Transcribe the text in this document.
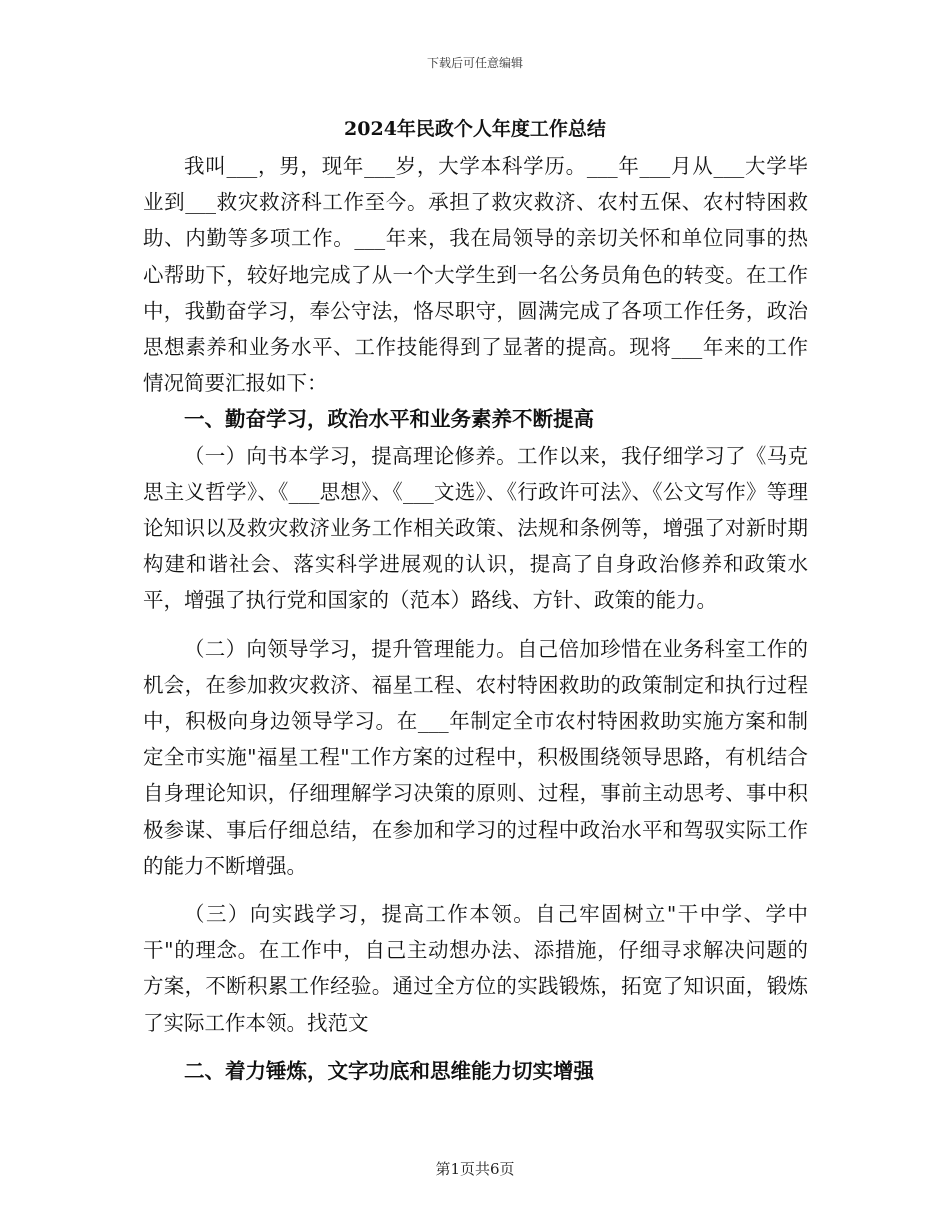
下载后可任意编辑
2024年民政个人年度工作总结

我叫___，男，现年___岁，大学本科学历。___年___月从___大学毕业到___救灾救济科工作至今。承担了救灾救济、农村五保、农村特困救助、内勤等多项工作。___年来，我在局领导的亲切关怀和单位同事的热心帮助下，较好地完成了从一个大学生到一名公务员角色的转变。在工作中，我勤奋学习，奉公守法，恪尽职守，圆满完成了各项工作任务，政治思想素养和业务水平、工作技能得到了显著的提高。现将___年来的工作情况简要汇报如下：

一、勤奋学习，政治水平和业务素养不断提高

（一）向书本学习，提高理论修养。工作以来，我仔细学习了《马克思主义哲学》、《___思想》、《___文选》、《行政许可法》、《公文写作》等理论知识以及救灾救济业务工作相关政策、法规和条例等，增强了对新时期构建和谐社会、落实科学进展观的认识，提高了自身政治修养和政策水平，增强了执行党和国家的（范本）路线、方针、政策的能力。

（二）向领导学习，提升管理能力。自己倍加珍惜在业务科室工作的机会，在参加救灾救济、福星工程、农村特困救助的政策制定和执行过程中，积极向身边领导学习。在___年制定全市农村特困救助实施方案和制定全市实施"福星工程"工作方案的过程中，积极围绕领导思路，有机结合自身理论知识，仔细理解学习决策的原则、过程，事前主动思考、事中积极参谋、事后仔细总结，在参加和学习的过程中政治水平和驾驭实际工作的能力不断增强。

（三）向实践学习，提高工作本领。自己牢固树立"干中学、学中干"的理念。在工作中，自己主动想办法、添措施，仔细寻求解决问题的方案，不断积累工作经验。通过全方位的实践锻炼，拓宽了知识面，锻炼了实际工作本领。找范文

二、着力锤炼，文字功底和思维能力切实增强

第1页共6页
